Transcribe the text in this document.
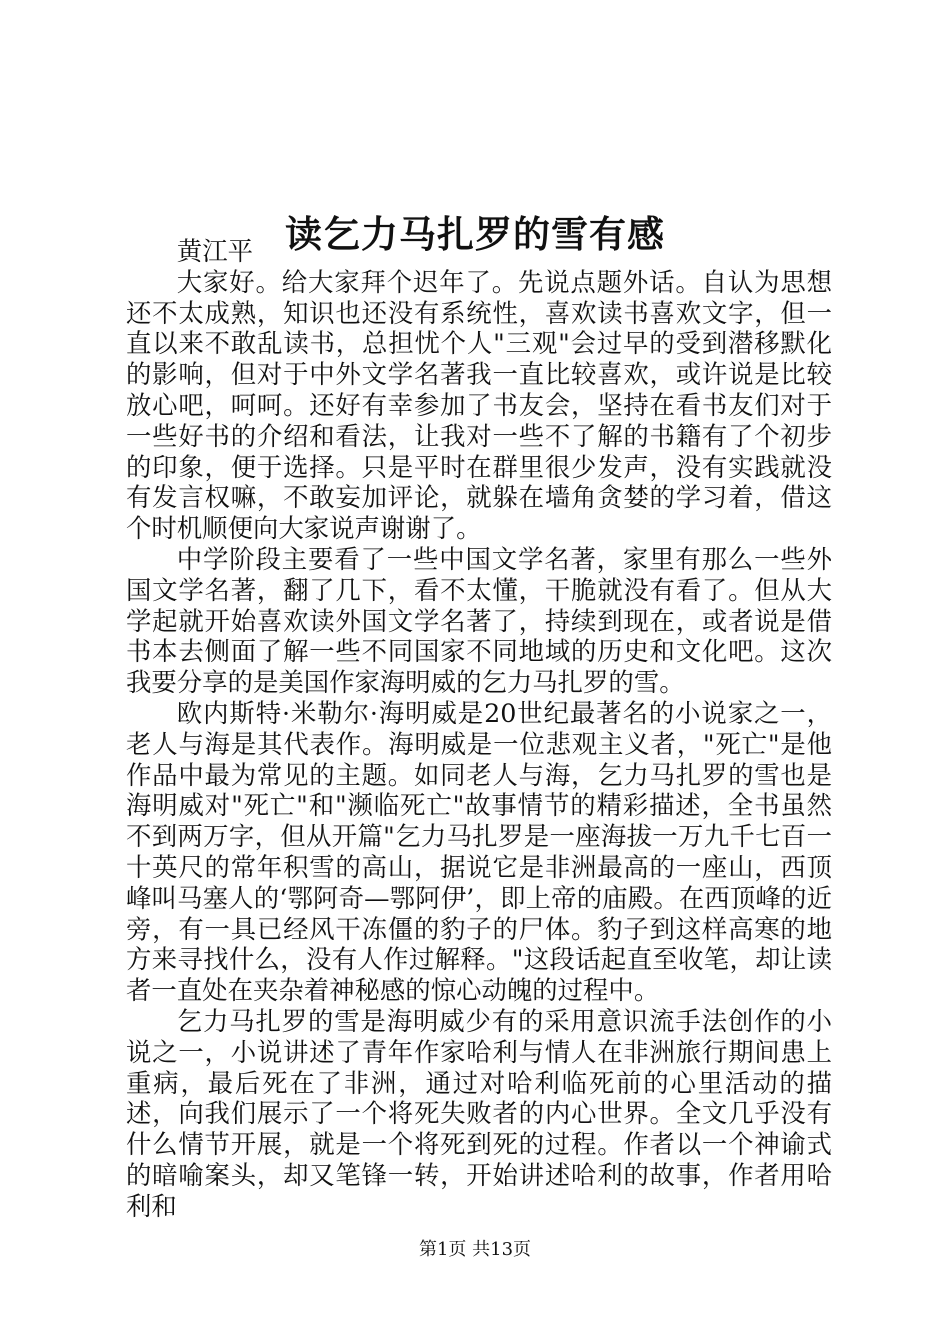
读乞力马扎罗的雪有感

黄江平

大家好。给大家拜个迟年了。先说点题外话。自认为思想还不太成熟，知识也还没有系统性，喜欢读书喜欢文字，但一直以来不敢乱读书，总担忧个人"三观"会过早的受到潜移默化的影响，但对于中外文学名著我一直比较喜欢，或许说是比较放心吧，呵呵。还好有幸参加了书友会，坚持在看书友们对于一些好书的介绍和看法，让我对一些不了解的书籍有了个初步的印象，便于选择。只是平时在群里很少发声，没有实践就没有发言权嘛，不敢妄加评论，就躲在墙角贪婪的学习着，借这个时机顺便向大家说声谢谢了。

中学阶段主要看了一些中国文学名著，家里有那么一些外国文学名著，翻了几下，看不太懂，干脆就没有看了。但从大学起就开始喜欢读外国文学名著了，持续到现在，或者说是借书本去侧面了解一些不同国家不同地域的历史和文化吧。这次我要分享的是美国作家海明威的乞力马扎罗的雪。

欧内斯特·米勒尔·海明威是20世纪最著名的小说家之一，老人与海是其代表作。海明威是一位悲观主义者，"死亡"是他作品中最为常见的主题。如同老人与海，乞力马扎罗的雪也是海明威对"死亡"和"濒临死亡"故事情节的精彩描述，全书虽然不到两万字，但从开篇"乞力马扎罗是一座海拔一万九千七百一十英尺的常年积雪的高山，据说它是非洲最高的一座山，西顶峰叫马塞人的‘鄂阿奇—鄂阿伊’，即上帝的庙殿。在西顶峰的近旁，有一具已经风干冻僵的豹子的尸体。豹子到这样高寒的地方来寻找什么，没有人作过解释。"这段话起直至收笔，却让读者一直处在夹杂着神秘感的惊心动魄的过程中。

乞力马扎罗的雪是海明威少有的采用意识流手法创作的小说之一，小说讲述了青年作家哈利与情人在非洲旅行期间患上重病，最后死在了非洲，通过对哈利临死前的心里活动的描述，向我们展示了一个将死失败者的内心世界。全文几乎没有什么情节开展，就是一个将死到死的过程。作者以一个神谕式的暗喻案头，却又笔锋一转，开始讲述哈利的故事，作者用哈利和

第1页 共13页
